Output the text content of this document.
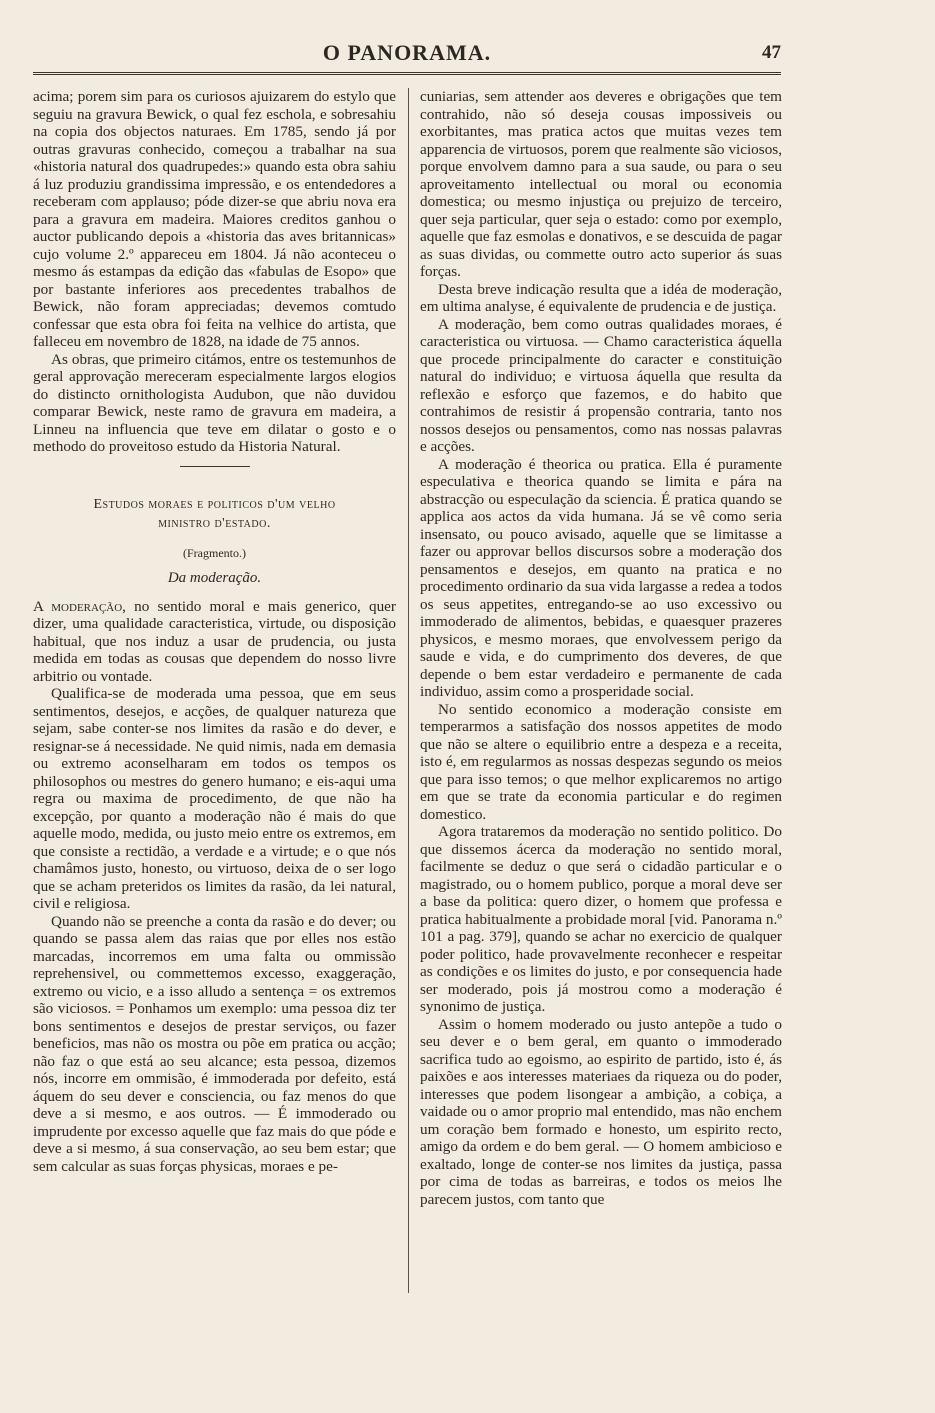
O PANORAMA.	47

acima; porem sim para os curiosos ajuizarem do estylo que seguiu na gravura Bewick, o qual fez eschola, e sobresahiu na copia dos objectos naturaes. Em 1785, sendo já por outras gravuras conhecido, começou a trabalhar na sua «historia natural dos quadrupedes:» quando esta obra sahiu á luz produziu grandissima impressão, e os entendedores a receberam com applauso; póde dizer-se que abriu nova era para a gravura em madeira. Maiores creditos ganhou o auctor publicando depois a «historia das aves britannicas» cujo volume 2.º appareceu em 1804. Já não aconteceu o mesmo ás estampas da edição das «fabulas de Esopo» que por bastante inferiores aos precedentes trabalhos de Bewick, não foram appreciadas; devemos comtudo confessar que esta obra foi feita na velhice do artista, que falleceu em novembro de 1828, na idade de 75 annos.

As obras, que primeiro citámos, entre os testemunhos de geral approvação mereceram especialmente largos elogios do distincto ornithologista Audubon, que não duvidou comparar Bewick, neste ramo de gravura em madeira, a Linneu na influencia que teve em dilatar o gosto e o methodo do proveitoso estudo da Historia Natural.

Estudos moraes e politicos d'um velho
ministro d'estado.

(Fragmento.)

Da moderação.

A moderação, no sentido moral e mais generico, quer dizer, uma qualidade caracteristica, virtude, ou disposição habitual, que nos induz a usar de prudencia, ou justa medida em todas as cousas que dependem do nosso livre arbitrio ou vontade.

Qualifica-se de moderada uma pessoa, que em seus sentimentos, desejos, e acções, de qualquer natureza que sejam, sabe conter-se nos limites da rasão e do dever, e resignar-se á necessidade. Ne quid nimis, nada em demasia ou extremo aconselharam em todos os tempos os philosophos ou mestres do genero humano; e eis-aqui uma regra ou maxima de procedimento, de que não ha excepção, por quanto a moderação não é mais do que aquelle modo, medida, ou justo meio entre os extremos, em que consiste a rectidão, a verdade e a virtude; e o que nós chamâmos justo, honesto, ou virtuoso, deixa de o ser logo que se acham preteridos os limites da rasão, da lei natural, civil e religiosa.

Quando não se preenche a conta da rasão e do dever; ou quando se passa alem das raias que por elles nos estão marcadas, incorremos em uma falta ou ommissão reprehensivel, ou commettemos excesso, exaggeração, extremo ou vicio, e a isso alludo a sentença = os extremos são viciosos. = Ponhamos um exemplo: uma pessoa diz ter bons sentimentos e desejos de prestar serviços, ou fazer beneficios, mas não os mostra ou põe em pratica ou acção; não faz o que está ao seu alcance; esta pessoa, dizemos nós, incorre em ommisão, é immoderada por defeito, está áquem do seu dever e consciencia, ou faz menos do que deve a si mesmo, e aos outros. — É immoderado ou imprudente por excesso aquelle que faz mais do que póde e deve a si mesmo, á sua conservação, ao seu bem estar; que sem calcular as suas forças physicas, moraes e pe-

cuniarias, sem attender aos deveres e obrigações que tem contrahido, não só deseja cousas impossiveis ou exorbitantes, mas pratica actos que muitas vezes tem apparencia de virtuosos, porem que realmente são viciosos, porque envolvem damno para a sua saude, ou para o seu aproveitamento intellectual ou moral ou economia domestica; ou mesmo injustiça ou prejuizo de terceiro, quer seja particular, quer seja o estado: como por exemplo, aquelle que faz esmolas e donativos, e se descuida de pagar as suas dividas, ou commette outro acto superior ás suas forças.

Desta breve indicação resulta que a idéa de moderação, em ultima analyse, é equivalente de prudencia e de justiça.

A moderação, bem como outras qualidades moraes, é caracteristica ou virtuosa. — Chamo caracteristica áquella que procede principalmente do caracter e constituição natural do individuo; e virtuosa áquella que resulta da reflexão e esforço que fazemos, e do habito que contrahimos de resistir á propensão contraria, tanto nos nossos desejos ou pensamentos, como nas nossas palavras e acções.

A moderação é theorica ou pratica. Ella é puramente especulativa e theorica quando se limita e pára na abstracção ou especulação da sciencia. É pratica quando se applica aos actos da vida humana. Já se vê como seria insensato, ou pouco avisado, aquelle que se limitasse a fazer ou approvar bellos discursos sobre a moderação dos pensamentos e desejos, em quanto na pratica e no procedimento ordinario da sua vida largasse a redea a todos os seus appetites, entregando-se ao uso excessivo ou immoderado de alimentos, bebidas, e quaesquer prazeres physicos, e mesmo moraes, que envolvessem perigo da saude e vida, e do cumprimento dos deveres, de que depende o bem estar verdadeiro e permanente de cada individuo, assim como a prosperidade social.

No sentido economico a moderação consiste em temperarmos a satisfação dos nossos appetites de modo que não se altere o equilibrio entre a despeza e a receita, isto é, em regularmos as nossas despezas segundo os meios que para isso temos; o que melhor explicaremos no artigo em que se trate da economia particular e do regimen domestico.

Agora trataremos da moderação no sentido politico. Do que dissemos ácerca da moderação no sentido moral, facilmente se deduz o que será o cidadão particular e o magistrado, ou o homem publico, porque a moral deve ser a base da politica: quero dizer, o homem que professa e pratica habitualmente a probidade moral [vid. Panorama n.º 101 a pag. 379], quando se achar no exercicio de qualquer poder politico, hade provavelmente reconhecer e respeitar as condições e os limites do justo, e por consequencia hade ser moderado, pois já mostrou como a moderação é synonimo de justiça.

Assim o homem moderado ou justo antepõe a tudo o seu dever e o bem geral, em quanto o immoderado sacrifica tudo ao egoismo, ao espirito de partido, isto é, ás paixões e aos interesses materiaes da riqueza ou do poder, interesses que podem lisongear a ambição, a cobiça, a vaidade ou o amor proprio mal entendido, mas não enchem um coração bem formado e honesto, um espirito recto, amigo da ordem e do bem geral. — O homem ambicioso e exaltado, longe de conter-se nos limites da justiça, passa por cima de todas as barreiras, e todos os meios lhe parecem justos, com tanto que
